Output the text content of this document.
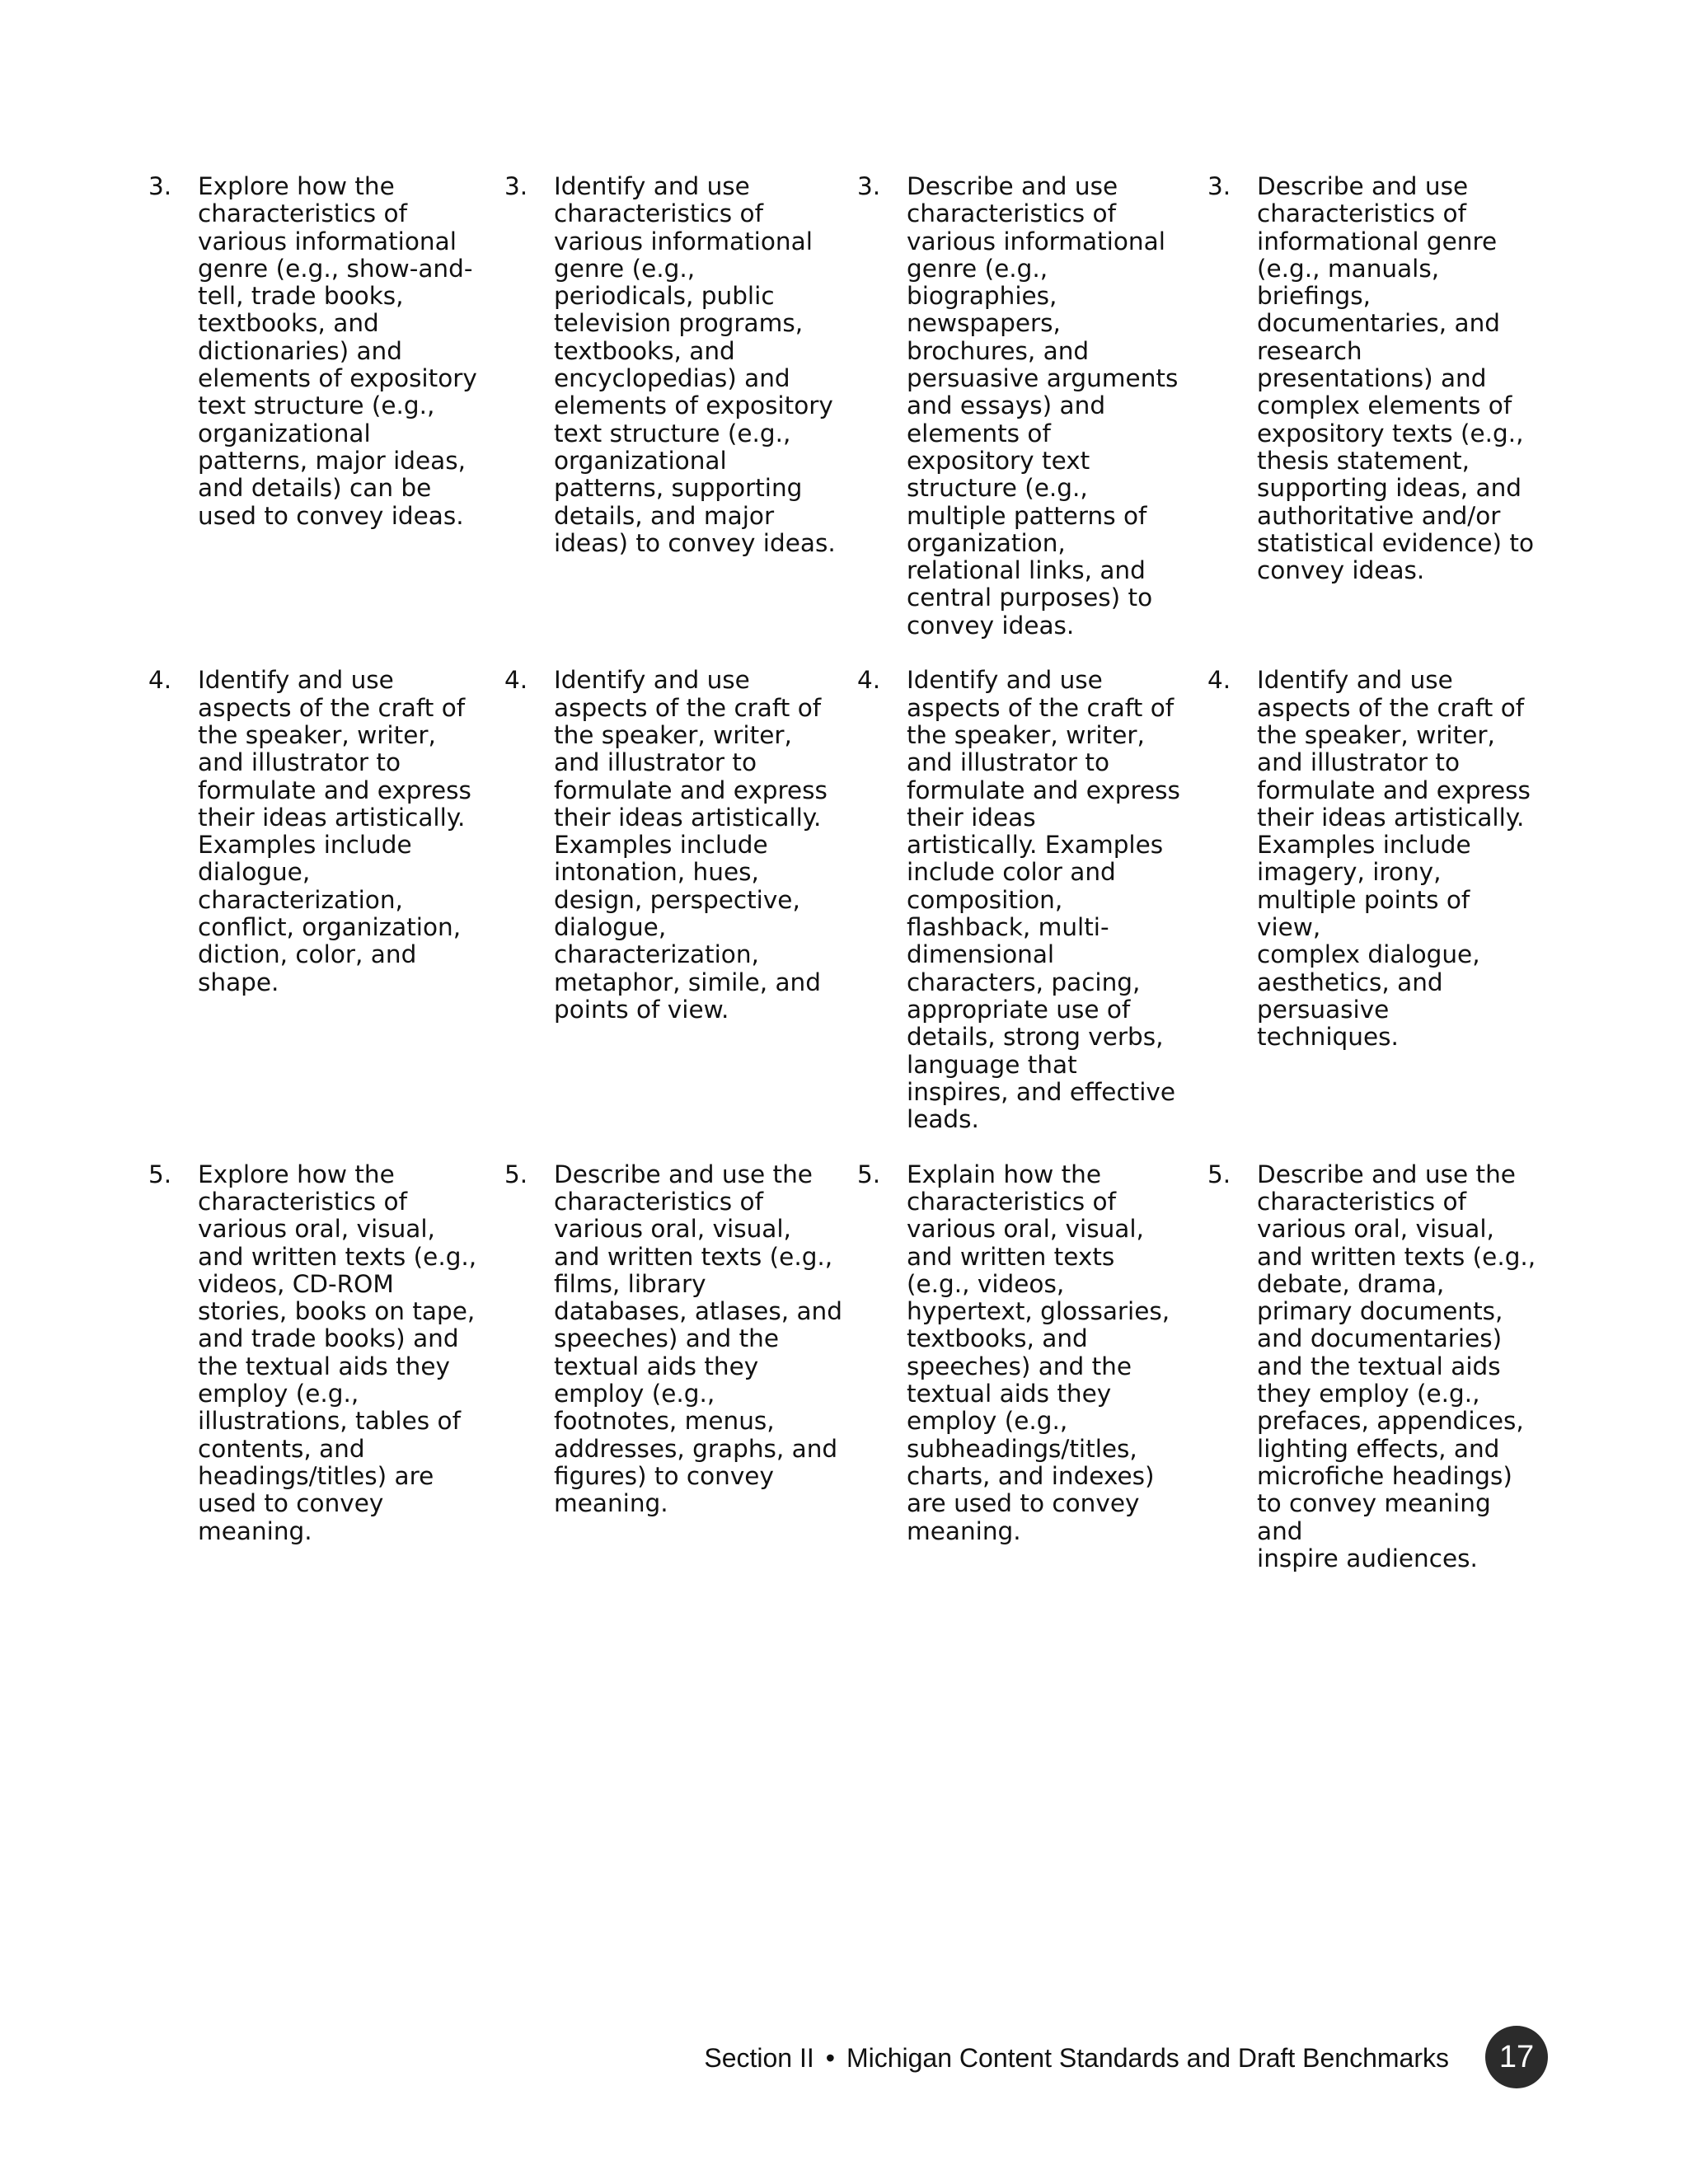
3.	Explore how the
characteristics of
various informational
genre (e.g., show-and-
tell, trade books,
textbooks, and
dictionaries) and
elements of expository
text structure (e.g.,
organizational
patterns, major ideas,
and details) can be
used to convey ideas.
3.	Identify and use
characteristics of
various informational
genre (e.g.,
periodicals, public
television programs,
textbooks, and
encyclopedias) and
elements of expository
text structure (e.g.,
organizational
patterns, supporting
details, and major
ideas) to convey ideas.
3.	Describe and use
characteristics of
various informational
genre (e.g.,
biographies,
newspapers,
brochures, and
persuasive arguments
and essays) and
elements of
expository text
structure (e.g.,
multiple patterns of
organization,
relational links, and
central purposes) to
convey ideas.
3.	Describe and use
characteristics of
informational genre
(e.g., manuals,
briefings,
documentaries, and
research
presentations) and
complex elements of
expository texts (e.g.,
thesis statement,
supporting ideas, and
authoritative and/or
statistical evidence) to
convey ideas.
4.	Identify and use
aspects of the craft of
the speaker, writer,
and illustrator to
formulate and express
their ideas artistically.
Examples include
dialogue,
characterization,
conflict, organization,
diction, color, and
shape.
4.	Identify and use
aspects of the craft of
the speaker, writer,
and illustrator to
formulate and express
their ideas artistically.
Examples include
intonation, hues,
design, perspective,
dialogue,
characterization,
metaphor, simile, and
points of view.
4.	Identify and use
aspects of the craft of
the speaker, writer,
and illustrator to
formulate and express
their ideas
artistically. Examples
include color and
composition,
flashback, multi-
dimensional
characters, pacing,
appropriate use of
details, strong verbs,
language that
inspires, and effective
leads.
4.	Identify and use
aspects of the craft of
the speaker, writer,
and illustrator to
formulate and express
their ideas artistically.
Examples include
imagery, irony,
multiple points of view,
complex dialogue,
aesthetics, and
persuasive techniques.
5.	Explore how the
characteristics of
various oral, visual,
and written texts (e.g.,
videos, CD-ROM
stories, books on tape,
and trade books) and
the textual aids they
employ (e.g.,
illustrations, tables of
contents, and
headings/titles) are
used to convey
meaning.
5.	Describe and use the
characteristics of
various oral, visual,
and written texts (e.g.,
films, library
databases, atlases, and
speeches) and the
textual aids they
employ (e.g.,
footnotes, menus,
addresses, graphs, and
figures) to convey
meaning.
5.	Explain how the
characteristics of
various oral, visual,
and written texts
(e.g., videos,
hypertext, glossaries,
textbooks, and
speeches) and the
textual aids they
employ (e.g.,
subheadings/titles,
charts, and indexes)
are used to convey
meaning.
5.	Describe and use the
characteristics of
various oral, visual,
and written texts (e.g.,
debate, drama,
primary documents,
and documentaries)
and the textual aids
they employ (e.g.,
prefaces, appendices,
lighting effects, and
microfiche headings)
to convey meaning and
inspire audiences.
Section II • Michigan Content Standards and Draft Benchmarks	17
